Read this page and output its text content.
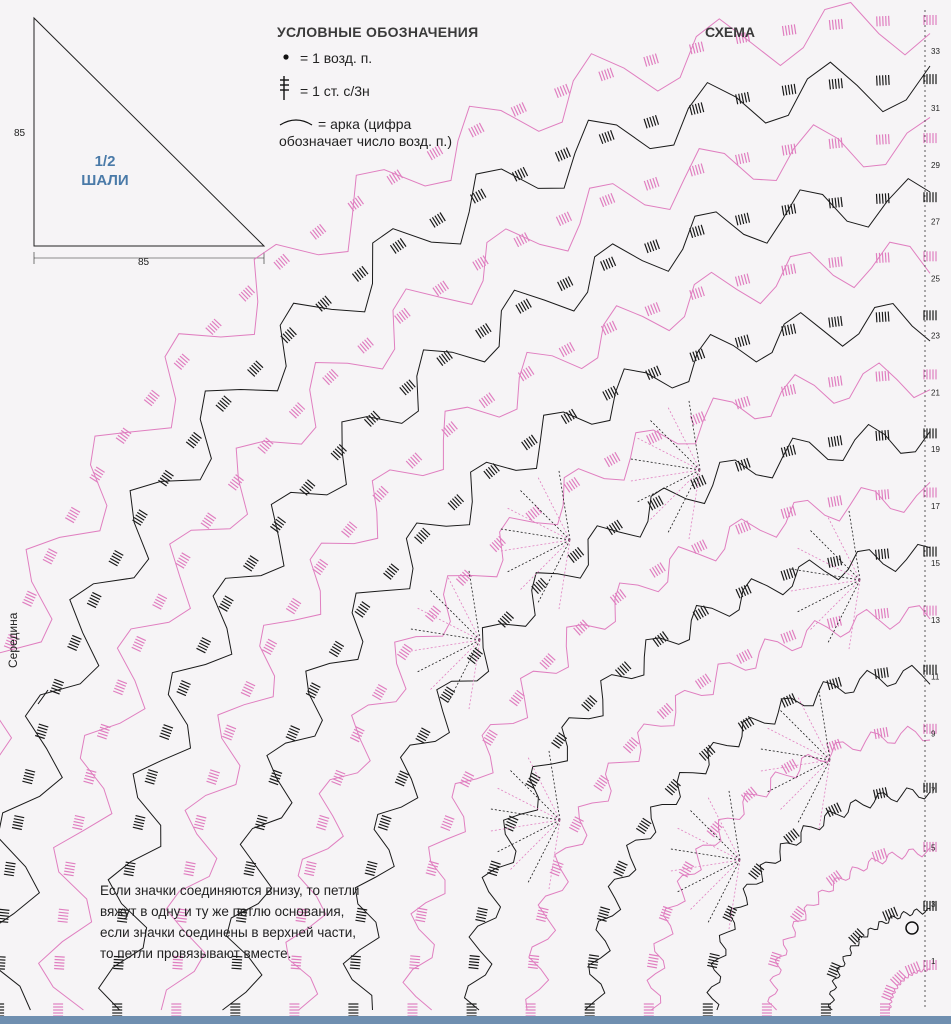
33
31
29
27
25
23
21
19
17
15
13
11
9
7
5
3
1
УСЛОВНЫЕ ОБОЗНАЧЕНИЯ	СХЕМА
= 1 возд. п.
= 1 ст. с/3н
= арка (цифра
обозначает число возд. п.)
1/2
ШАЛИ
85
85
Середина
Если значки соединяются внизу, то петли вяжут в одну и ту же петлю основания, если значки соединены в верхней части, то петли провязывают вместе.
